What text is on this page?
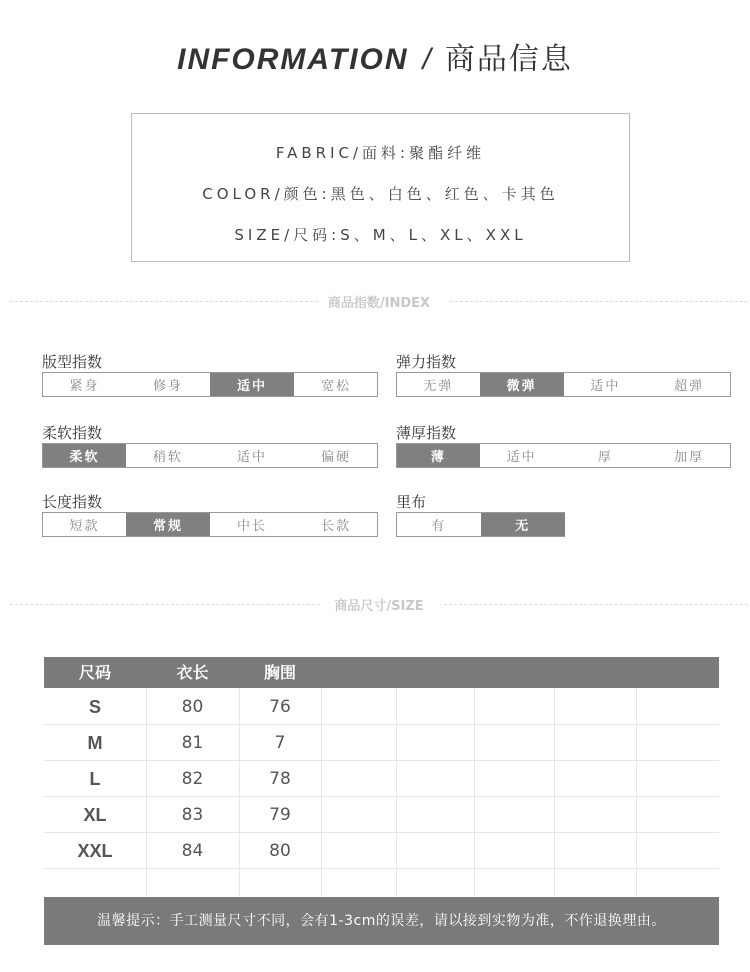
INFORMATION / 商品信息
FABRIC/面料:聚酯纤维
COLOR/颜色:黑色、白色、红色、卡其色
SIZE/尺码:S、M、L、XL、XXL
商品指数/INDEX
版型指数
紧身	修身	适中	宽松
弹力指数
无弹	微弹	适中	超弹
柔软指数
柔软	稍软	适中	偏硬
薄厚指数
薄	适中	厚	加厚
长度指数
短款	常规	中长	长款
里布
有	无
商品尺寸/SIZE
尺码	衣长	胸围
S	80	76
M	81	7
L	82	78
XL	83	79
XXL	84	80
温馨提示：手工测量尺寸不同，会有1-3cm的误差，请以接到实物为准，不作退换理由。
